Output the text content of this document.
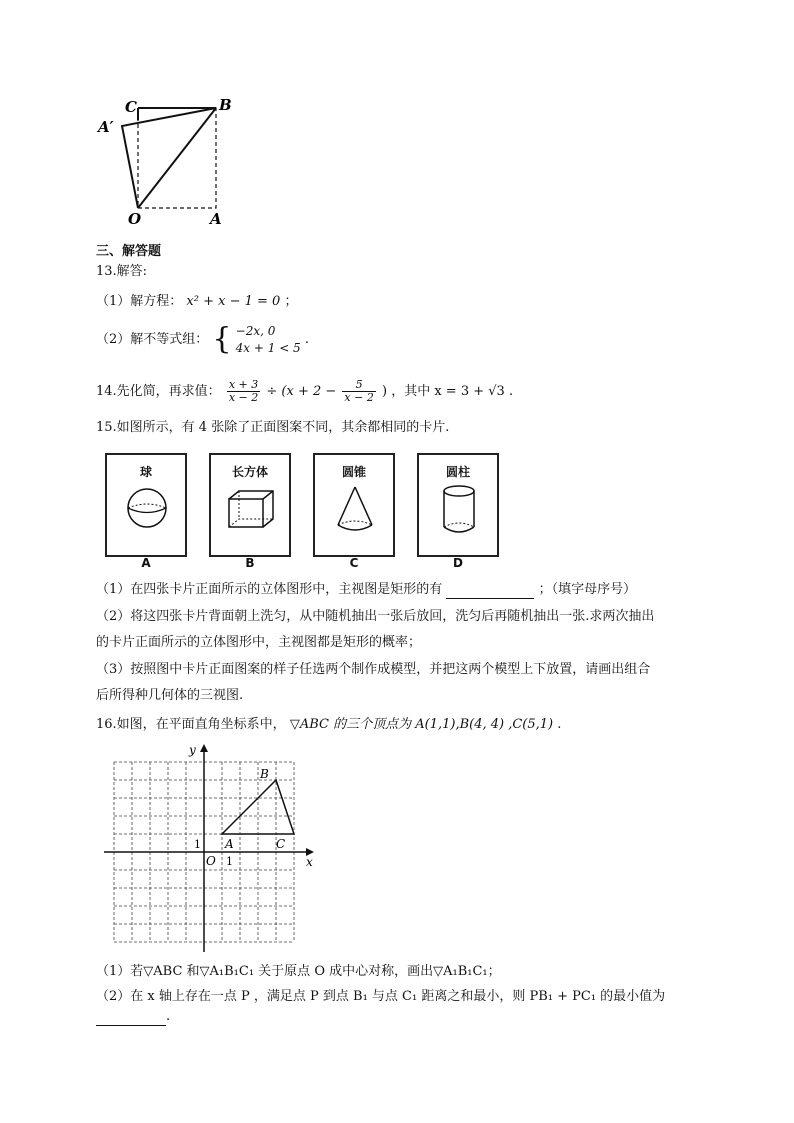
C	B
A′
O	A
三、解答题
13.解答:
（1）解方程： x² + x − 1 = 0 ；
（2）解不等式组： { −2x, 0
4x + 1 < 5
.
14.先化简，再求值： $\frac{x + 3}{x - 2} \div (x + 2 - \frac{5}{x - 2}$ ) ，其中 x = 3 + √3 .
15.如图所示，有 4 张除了正面图案不同，其余都相同的卡片.
球	长方体	圆锥	圆柱
A	B	C	D
（1）在四张卡片正面所示的立体图形中，主视图是矩形的有	；（填字母序号）
（2）将这四张卡片背面朝上洗匀，从中随机抽出一张后放回，洗匀后再随机抽出一张.求两次抽出
的卡片正面所示的立体图形中，主视图都是矩形的概率；
（3）按照图中卡片正面图案的样子任选两个制作成模型，并把这两个模型上下放置，请画出组合
后所得种几何体的三视图.
16.如图，在平面直角坐标系中， ▽ABC 的三个顶点为 A(1,1),B(4, 4) ,C(5,1) .
y
x
O 1
1 A
B
C
（1）若▽ABC 和▽A₁B₁C₁ 关于原点 O 成中心对称，画出▽A₁B₁C₁；
（2）在 x 轴上存在一点 P ，满足点 P 到点 B₁ 与点 C₁ 距离之和最小，则 PB₁ + PC₁ 的最小值为
.
